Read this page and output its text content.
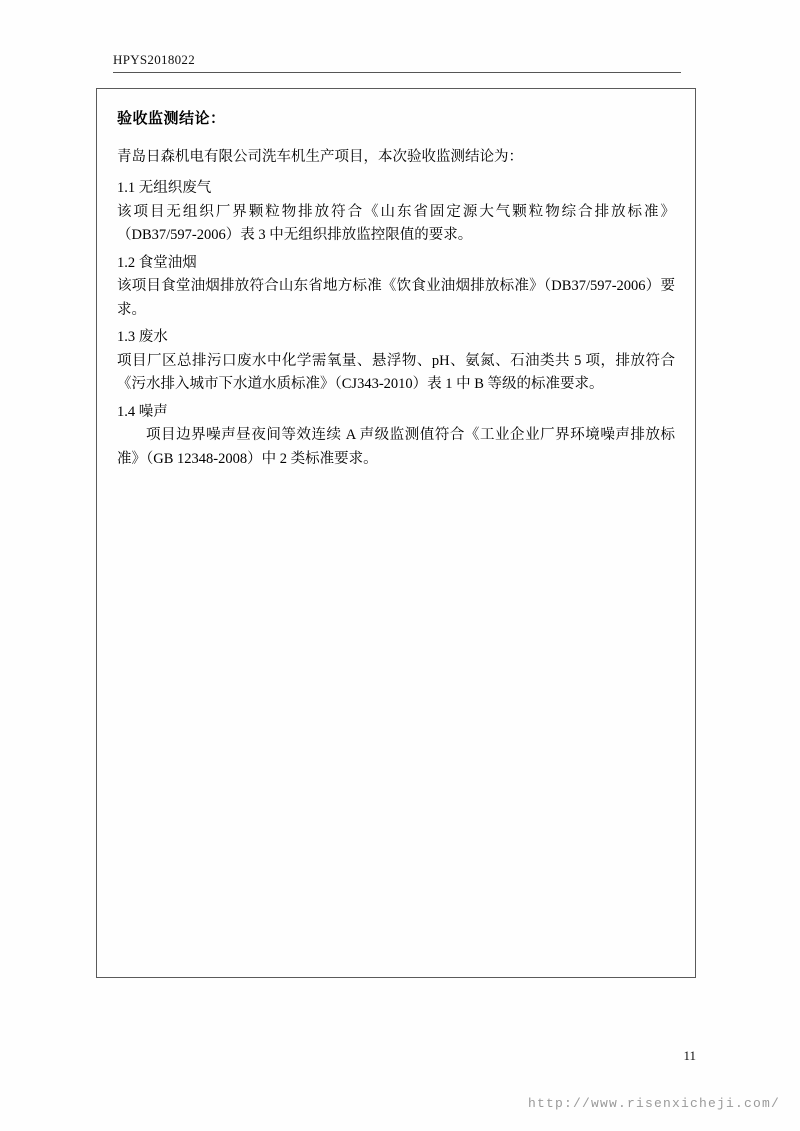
HPYS2018022
验收监测结论：

青岛日森机电有限公司洗车机生产项目，本次验收监测结论为：

1.1 无组织废气

该项目无组织厂界颗粒物排放符合《山东省固定源大气颗粒物综合排放标准》（DB37/597-2006）表 3 中无组织排放监控限值的要求。

1.2 食堂油烟

该项目食堂油烟排放符合山东省地方标准《饮食业油烟排放标准》（DB37/597-2006）要求。

1.3 废水

项目厂区总排污口废水中化学需氧量、悬浮物、pH、氨氮、石油类共 5 项，排放符合《污水排入城市下水道水质标准》（CJ343-2010）表 1 中 B 等级的标准要求。

1.4 噪声

项目边界噪声昼夜间等效连续 A 声级监测值符合《工业企业厂界环境噪声排放标准》（GB 12348-2008）中 2 类标准要求。

11
http://www.risenxicheji.com/
